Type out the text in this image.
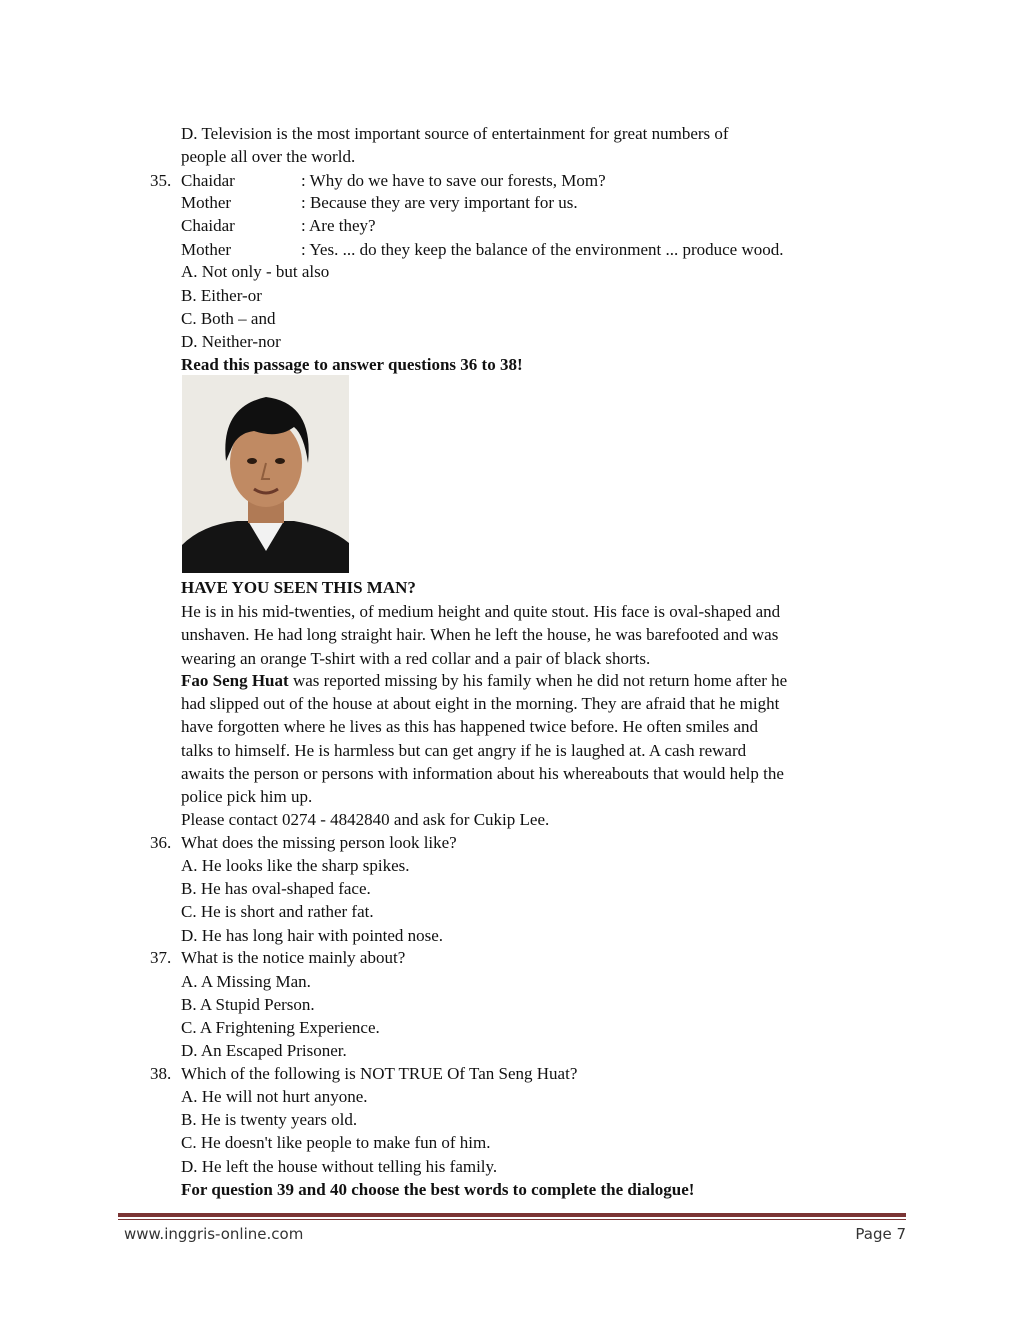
D. Television is the most important source of entertainment for great numbers of
people all over the world.
35. Chaidar	: Why do we have to save our forests, Mom?
Mother	: Because they are very important for us.
Chaidar	: Are they?
Mother	: Yes. ... do they keep the balance of the environment ... produce wood.
A. Not only - but also
B. Either-or
C. Both – and
D. Neither-nor
Read this passage to answer questions 36 to 38!
HAVE YOU SEEN THIS MAN?
He is in his mid-twenties, of medium height and quite stout. His face is oval-shaped and
unshaven. He had long straight hair. When he left the house, he was barefooted and was
wearing an orange T-shirt with a red collar and a pair of black shorts.
Fao Seng Huat was reported missing by his family when he did not return home after he
had slipped out of the house at about eight in the morning. They are afraid that he might
have forgotten where he lives as this has happened twice before. He often smiles and
talks to himself. He is harmless but can get angry if he is laughed at. A cash reward
awaits the person or persons with information about his whereabouts that would help the
police pick him up.
Please contact 0274 - 4842840 and ask for Cukip Lee.
36. What does the missing person look like?
A. He looks like the sharp spikes.
B. He has oval-shaped face.
C. He is short and rather fat.
D. He has long hair with pointed nose.
37. What is the notice mainly about?
A. A Missing Man.
B. A Stupid Person.
C. A Frightening Experience.
D. An Escaped Prisoner.
38. Which of the following is NOT TRUE Of Tan Seng Huat?
A. He will not hurt anyone.
B. He is twenty years old.
C. He doesn't like people to make fun of him.
D. He left the house without telling his family.
For question 39 and 40 choose the best words to complete the dialogue!
www.inggris-online.com	Page 7
